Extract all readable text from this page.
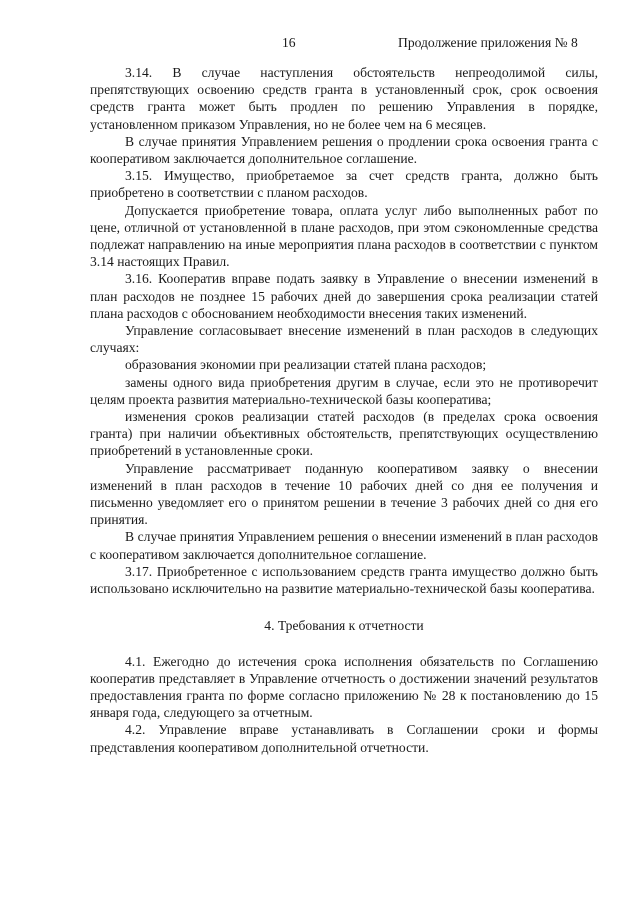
16	Продолжение приложения № 8

3.14. В случае наступления обстоятельств непреодолимой силы, препятствующих освоению средств гранта в установленный срок, срок освоения средств гранта может быть продлен по решению Управления в порядке, установленном приказом Управления, но не более чем на 6 месяцев.

В случае принятия Управлением решения о продлении срока освоения гранта с кооперативом заключается дополнительное соглашение.

3.15. Имущество, приобретаемое за счет средств гранта, должно быть приобретено в соответствии с планом расходов.

Допускается приобретение товара, оплата услуг либо выполненных работ по цене, отличной от установленной в плане расходов, при этом сэкономленные средства подлежат направлению на иные мероприятия плана расходов в соответствии с пунктом 3.14 настоящих Правил.

3.16. Кооператив вправе подать заявку в Управление о внесении изменений в план расходов не позднее 15 рабочих дней до завершения срока реализации статей плана расходов с обоснованием необходимости внесения таких изменений.

Управление согласовывает внесение изменений в план расходов в следующих случаях:

образования экономии при реализации статей плана расходов;

замены одного вида приобретения другим в случае, если это не противоречит целям проекта развития материально-технической базы кооператива;

изменения сроков реализации статей расходов (в пределах срока освоения гранта) при наличии объективных обстоятельств, препятствующих осуществлению приобретений в установленные сроки.

Управление рассматривает поданную кооперативом заявку о внесении изменений в план расходов в течение 10 рабочих дней со дня ее получения и письменно уведомляет его о принятом решении в течение 3 рабочих дней со дня его принятия.

В случае принятия Управлением решения о внесении изменений в план расходов с кооперативом заключается дополнительное соглашение.

3.17. Приобретенное с использованием средств гранта имущество должно быть использовано исключительно на развитие материально-технической базы кооператива.

4. Требования к отчетности

4.1. Ежегодно до истечения срока исполнения обязательств по Соглашению кооператив представляет в Управление отчетность о достижении значений результатов предоставления гранта по форме согласно приложению № 28 к постановлению до 15 января года, следующего за отчетным.

4.2. Управление вправе устанавливать в Соглашении сроки и формы представления кооперативом дополнительной отчетности.
